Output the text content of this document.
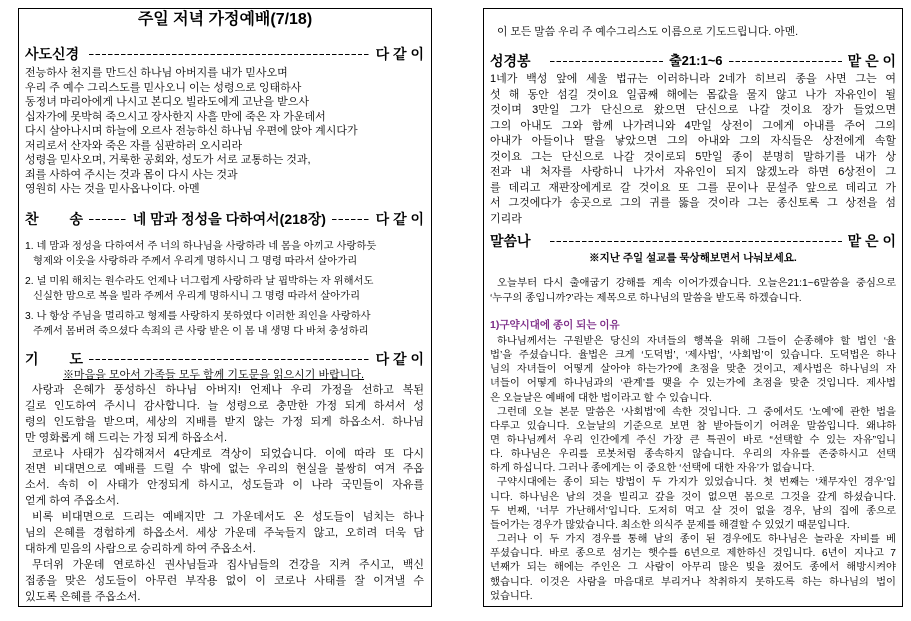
주일 저녁 가정예배(7/18)
사도신경	다 같 이
전능하사 천지를 만드신 하나님 아버지를 내가 믿사오며
우리 주 예수 그리스도를 믿사오니 이는 성령으로 잉태하사
동정녀 마리아에게 나시고 본디오 빌라도에게 고난을 받으사
십자가에 못박혀 죽으시고 장사한지 사흘 만에 죽은 자 가운데서
다시 살아나시며 하늘에 오르사 전능하신 하나님 우편에 앉아 계시다가
저리로서 산자와 죽은 자를 심판하러 오시리라
성령을 믿사오며, 거룩한 공회와, 성도가 서로 교통하는 것과,
죄를 사하여 주시는 것과 몸이 다시 사는 것과
영원히 사는 것을 믿사옵나이다. 아멘
찬 송	네 맘과 정성을 다하여서(218장)	다 같 이
1. 네 맘과 정성을 다하여서 주 너의 하나님을 사랑하라 네 몸을 아끼고 사랑하듯
형제와 이웃을 사랑하라 주께서 우리게 명하시니 그 명령 따라서 살아가리
2. 널 미워 해치는 원수라도 언제나 너그럽게 사랑하라 날 핍박하는 자 위해서도
신실한 맘으로 복을 빌라 주께서 우리게 명하시니 그 명령 따라서 살아가리
3. 나 항상 주님을 멀리하고 형제를 사랑하지 못하였다 이러한 죄인을 사랑하사
주께서 몸버려 죽으셨다 속죄의 큰 사랑 받은 이 몸 내 생명 다 바쳐 충성하리
기 도	다 같 이
※마음을 모아서 가족들 모두 함께 기도문을 읽으시기 바랍니다.
사랑과 은혜가 풍성하신 하나님 아버지! 언제나 우리 가정을 선하고 복된
길로 인도하여 주시니 감사합니다. 늘 성령으로 충만한 가정 되게 하셔서 성
령의 인도함을 받으며, 세상의 지배를 받지 않는 가정 되게 하옵소서. 하나님
만 영화롭게 해 드리는 가정 되게 하옵소서.
코로나 사태가 심각해져서 4단계로 격상이 되었습니다. 이에 따라 또 다시
전면 비대면으로 예배를 드릴 수 밖에 없는 우리의 현실을 불쌍히 여겨 주옵
소서. 속히 이 사태가 안정되게 하시고, 성도들과 이 나라 국민들이 자유를
얻게 하여 주옵소서.
비록 비대면으로 드리는 예배지만 그 가운데서도 온 성도들이 넘치는 하나
님의 은혜를 경험하게 하옵소서. 세상 가운데 주눅들지 않고, 오히려 더욱 담
대하게 믿음의 사람으로 승리하게 하여 주옵소서.
무더위 가운데 연로하신 권사님들과 집사님들의 건강을 지켜 주시고, 백신
접종을 맞은 성도들이 아무런 부작용 없이 이 코로나 사태를 잘 이겨낼 수
있도록 은혜를 주옵소서.
이 모든 말씀 우리 주 예수그리스도 이름으로 기도드립니다. 아멘.
성경봉	출21:1~6	맡 은 이
1네가 백성 앞에 세울 법규는 이러하니라 2네가 히브리 종을 사면 그는 여
섯 해 동안 섬길 것이요 일곱째 해에는 몸값을 물지 않고 나가 자유인이 될
것이며 3만일 그가 단신으로 왔으면 단신으로 나갈 것이요 장가 들었으면
그의 아내도 그와 함께 나가려니와 4만일 상전이 그에게 아내를 주어 그의
아내가 아들이나 딸을 낳았으면 그의 아내와 그의 자식들은 상전에게 속할
것이요 그는 단신으로 나갈 것이로되 5만일 종이 분명히 말하기를 내가 상
전과 내 처자를 사랑하니 나가서 자유인이 되지 않겠노라 하면 6상전이 그
를 데리고 재판장에게로 갈 것이요 또 그를 문이나 문설주 앞으로 데리고 가
서 그것에다가 송곳으로 그의 귀를 뚫을 것이라 그는 종신토록 그 상전을 섬
기리라
말씀나	맡 은 이
※지난 주일 설교를 묵상해보면서 나눠보세요.
오늘부터 다시 출애굽기 강해를 계속 이어가겠습니다. 오늘은21:1~6말씀을 중심으로
‘누구의 종입니까?’라는 제목으로 하나님의 말씀을 받도록 하겠습니다.
1)구약시대에 종이 되는 이유
하나님께서는 구원받은 당신의 자녀들의 행복을 위해 그들이 순종해야 할 법인 ‘율
법’을 주셨습니다. 율법은 크게 ‘도덕법’, ‘제사법’, ‘사회법’이 있습니다. 도덕법은 하나
님의 자녀들이 어떻게 살아야 하는가?에 초점을 맞춘 것이고, 제사법은 하나님의 자
녀들이 어떻게 하나님과의 ‘관계’를 맺을 수 있는가에 초점을 맞춘 것입니다. 제사법
은 오늘날은 예배에 대한 법이라고 할 수 있습니다.
그런데 오늘 본문 말씀은 ‘사회법’에 속한 것입니다. 그 중에서도 ‘노예’에 관한 법을
다루고 있습니다. 오늘날의 기준으로 보면 참 받아들이기 어려운 말씀입니다. 왜냐하
면 하나님께서 우리 인간에게 주신 가장 큰 특권이 바로 “선택할 수 있는 자유”입니
다. 하나님은 우리를 로봇처럼 종속하지 않습니다. 우리의 자유를 존중하시고 선택
하게 하십니다. 그러나 종에게는 이 중요한 ‘선택에 대한 자유’가 없습니다.
구약시대에는 종이 되는 방법이 두 가지가 있었습니다. 첫 번째는 ‘채무자인 경우’입
니다. 하나님은 남의 것을 빌리고 갚을 것이 없으면 몸으로 그것을 갚게 하셨습니다.
두 번째, ‘너무 가난해서’입니다. 도저히 먹고 살 것이 없을 경우, 남의 집에 종으로
들어가는 경우가 많았습니다. 최소한 의식주 문제를 해결할 수 있었기 때문입니다.
그러나 이 두 가지 경우를 통해 남의 종이 된 경우에도 하나님은 놀라운 자비를 베
푸셨습니다. 바로 종으로 섬기는 햇수를 6년으로 제한하신 것입니다. 6년이 지나고 7
년째가 되는 해에는 주인은 그 사람이 아무리 많은 빚을 졌어도 종에서 해방시켜야
했습니다. 이것은 사람을 마음대로 부리거나 착취하지 못하도록 하는 하나님의 법이
었습니다.
